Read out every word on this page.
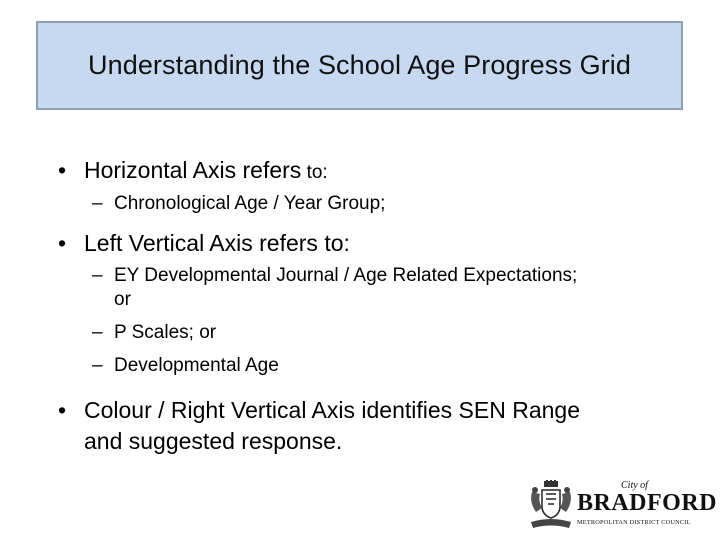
Understanding the School Age Progress Grid
• Horizontal Axis refers to:
– Chronological Age / Year Group;
• Left Vertical Axis refers to:
– EY Developmental Journal / Age Related Expectations;
or
– P Scales; or
– Developmental Age
• Colour / Right Vertical Axis identifies SEN Range
and suggested response.
City of
BRADFORD
METROPOLITAN DISTRICT COUNCIL
